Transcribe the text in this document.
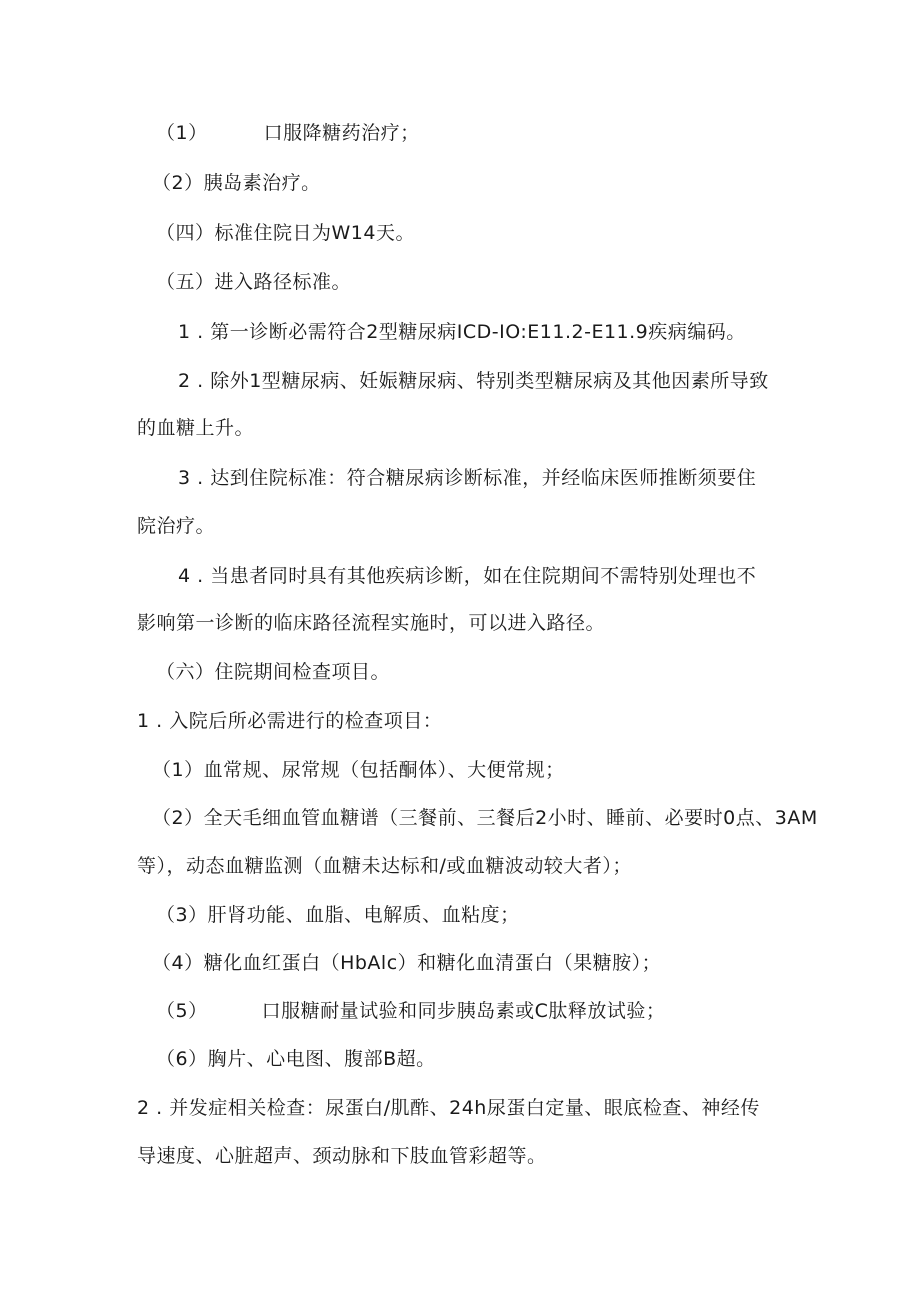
（1）	口服降糖药治疗；
（2）胰岛素治疗。
（四）标准住院日为W14天。
（五）进入路径标准。
1 . 第一诊断必需符合2型糖尿病ICD-IO:E11.2-E11.9疾病编码。
2 . 除外1型糖尿病、妊娠糖尿病、特别类型糖尿病及其他因素所导致
的血糖上升。
3 . 达到住院标准：符合糖尿病诊断标准，并经临床医师推断须要住
院治疗。
4 . 当患者同时具有其他疾病诊断，如在住院期间不需特别处理也不
影响第一诊断的临床路径流程实施时，可以进入路径。
（六）住院期间检查项目。
1 . 入院后所必需进行的检查项目：
（1）血常规、尿常规（包括酮体）、大便常规；
（2）全天毛细血管血糖谱（三餐前、三餐后2小时、睡前、必要时0点、3AM
等），动态血糖监测（血糖未达标和/或血糖波动较大者）；
（3）肝肾功能、血脂、电解质、血粘度；
（4）糖化血红蛋白（HbAlc）和糖化血清蛋白（果糖胺）；
（5）	口服糖耐量试验和同步胰岛素或C肽释放试验；
（6）胸片、心电图、腹部B超。
2 . 并发症相关检查：尿蛋白/肌酢、24h尿蛋白定量、眼底检查、神经传
导速度、心脏超声、颈动脉和下肢血管彩超等。
